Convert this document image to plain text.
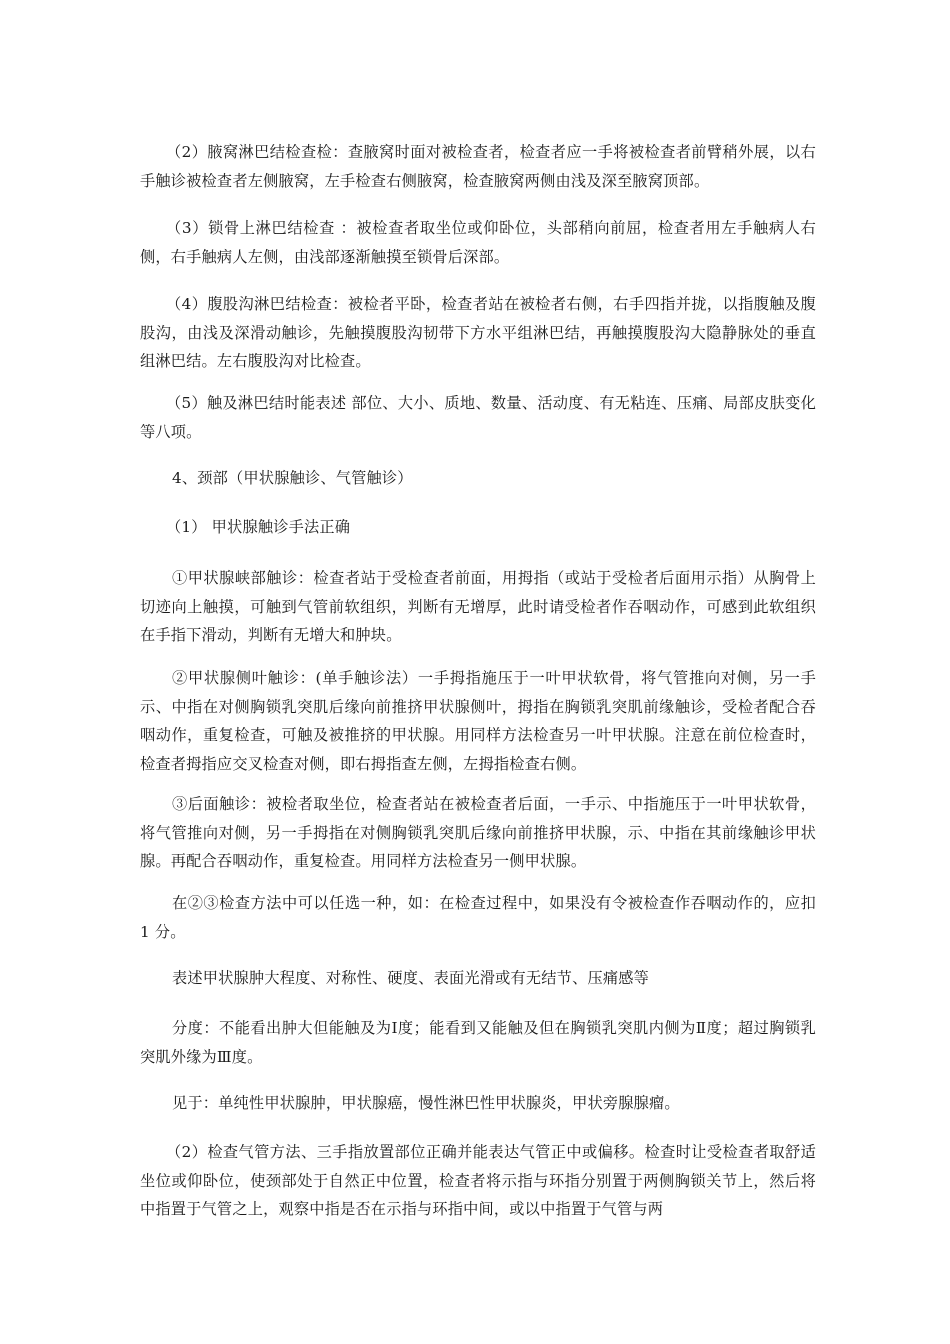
（2）腋窝淋巴结检查检：查腋窝时面对被检查者，检查者应一手将被检查者前臂稍外展，以右手触诊被检查者左侧腋窝，左手检查右侧腋窝，检查腋窝两侧由浅及深至腋窝顶部。

（3）锁骨上淋巴结检查 ：被检查者取坐位或仰卧位，头部稍向前屈，检查者用左手触病人右侧，右手触病人左侧，由浅部逐渐触摸至锁骨后深部。

（4）腹股沟淋巴结检查：被检者平卧，检查者站在被检者右侧，右手四指并拢，以指腹触及腹股沟，由浅及深滑动触诊，先触摸腹股沟韧带下方水平组淋巴结，再触摸腹股沟大隐静脉处的垂直组淋巴结。左右腹股沟对比检查。

（5）触及淋巴结时能表述 部位、大小、质地、数量、活动度、有无粘连、压痛、局部皮肤变化等八项。

4、颈部（甲状腺触诊、气管触诊）

（1） 甲状腺触诊手法正确

①甲状腺峡部触诊：检查者站于受检查者前面，用拇指（或站于受检者后面用示指）从胸骨上切迹向上触摸，可触到气管前软组织，判断有无增厚，此时请受检者作吞咽动作，可感到此软组织在手指下滑动，判断有无增大和肿块。

②甲状腺侧叶触诊：(单手触诊法）一手拇指施压于一叶甲状软骨，将气管推向对侧，另一手示、中指在对侧胸锁乳突肌后缘向前推挤甲状腺侧叶，拇指在胸锁乳突肌前缘触诊，受检者配合吞咽动作，重复检查，可触及被推挤的甲状腺。用同样方法检查另一叶甲状腺。注意在前位检查时，检查者拇指应交叉检查对侧，即右拇指查左侧，左拇指检查右侧。

③后面触诊：被检者取坐位，检查者站在被检查者后面，一手示、中指施压于一叶甲状软骨，将气管推向对侧，另一手拇指在对侧胸锁乳突肌后缘向前推挤甲状腺，示、中指在其前缘触诊甲状腺。再配合吞咽动作，重复检查。用同样方法检查另一侧甲状腺。

在②③检查方法中可以任选一种，如：在检查过程中，如果没有令被检查作吞咽动作的，应扣 1 分。

表述甲状腺肿大程度、对称性、硬度、表面光滑或有无结节、压痛感等

分度：不能看出肿大但能触及为Ⅰ度；能看到又能触及但在胸锁乳突肌内侧为Ⅱ度；超过胸锁乳突肌外缘为Ⅲ度。

见于：单纯性甲状腺肿，甲状腺癌，慢性淋巴性甲状腺炎，甲状旁腺腺瘤。

（2）检查气管方法、三手指放置部位正确并能表达气管正中或偏移。检查时让受检查者取舒适坐位或仰卧位，使颈部处于自然正中位置，检查者将示指与环指分别置于两侧胸锁关节上，然后将中指置于气管之上，观察中指是否在示指与环指中间，或以中指置于气管与两
